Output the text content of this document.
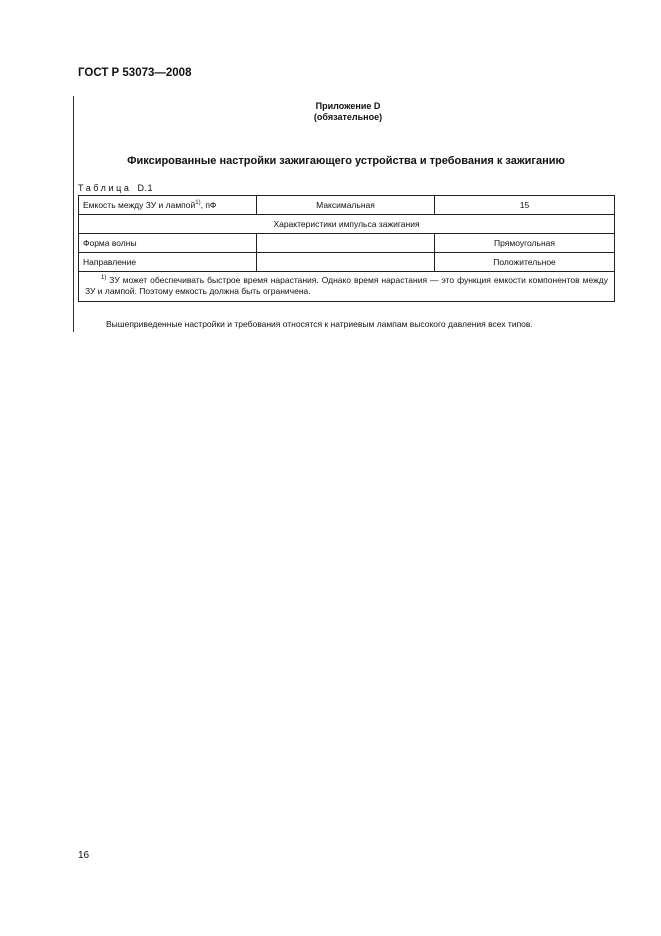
ГОСТ Р 53073—2008
Приложение D
(обязательное)
Фиксированные настройки зажигающего устройства и требования к зажиганию
Таблица D.1
Емкость между ЗУ и лампой$^{1)}$, пФ	Максимальная	15
Характеристики импульса зажигания		
Форма волны		Прямоугольная
Направление		Положительное
$^{1)}$ ЗУ может обеспечивать быстрое время нарастания. Однако время нарастания — это функция емкости компонентов между ЗУ и лампой. Поэтому емкость должна быть ограничена.		
Вышеприведенные настройки и требования относятся к натриевым лампам высокого давления всех типов.
16
